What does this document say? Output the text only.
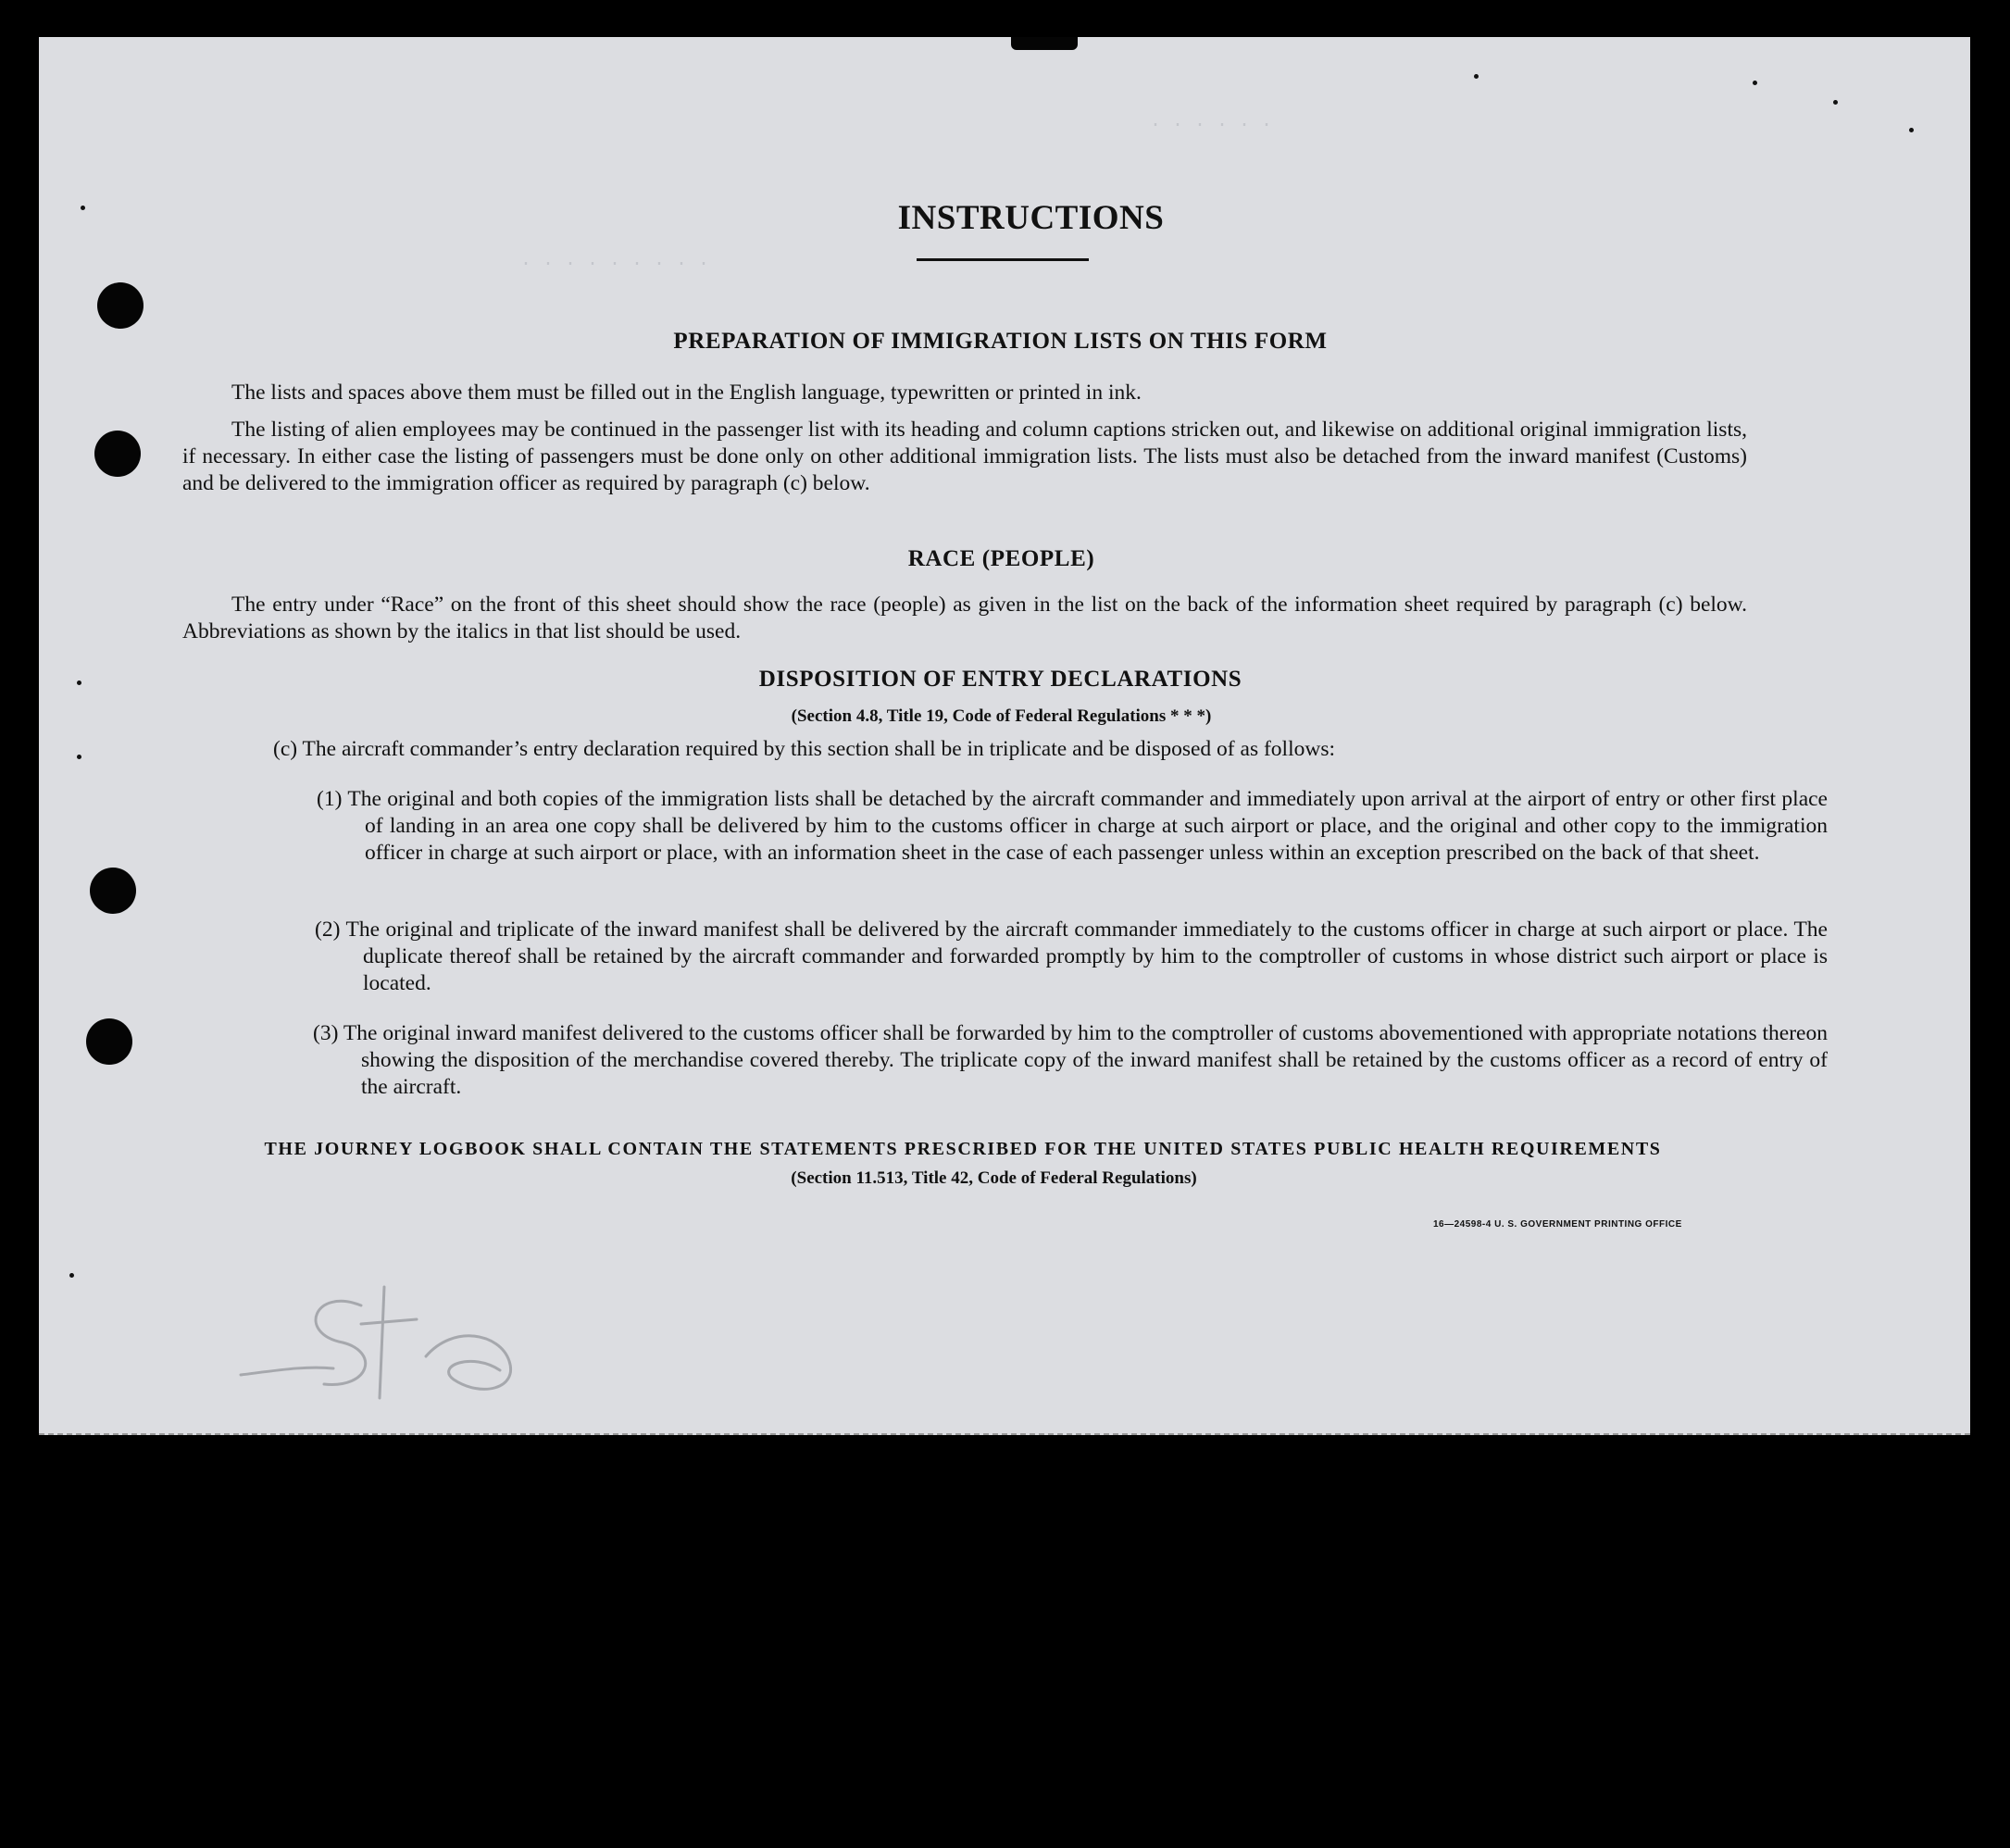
. . . . . .
. . . . . . . . .
INSTRUCTIONS
PREPARATION OF IMMIGRATION LISTS ON THIS FORM

The lists and spaces above them must be filled out in the English language, typewritten or printed in ink.

The listing of alien employees may be continued in the passenger list with its heading and column captions stricken out, and likewise on additional original immigration lists, if necessary. In either case the listing of passengers must be done only on other additional immigration lists. The lists must also be detached from the inward manifest (Customs) and be delivered to the immigration officer as required by paragraph (c) below.

RACE (PEOPLE)

The entry under “Race” on the front of this sheet should show the race (people) as given in the list on the back of the information sheet required by paragraph (c) below. Abbreviations as shown by the italics in that list should be used.

DISPOSITION OF ENTRY DECLARATIONS

(Section 4.8, Title 19, Code of Federal Regulations * * *)

(c) The aircraft commander’s entry declaration required by this section shall be in triplicate and be disposed of as follows:

(1) The original and both copies of the immigration lists shall be detached by the aircraft commander and immediately upon arrival at the airport of entry or other first place of landing in an area one copy shall be delivered by him to the customs officer in charge at such airport or place, and the original and other copy to the immigration officer in charge at such airport or place, with an information sheet in the case of each passenger unless within an exception prescribed on the back of that sheet.

(2) The original and triplicate of the inward manifest shall be delivered by the aircraft commander immediately to the customs officer in charge at such airport or place. The duplicate thereof shall be retained by the aircraft commander and forwarded promptly by him to the comptroller of customs in whose district such airport or place is located.

(3) The original inward manifest delivered to the customs officer shall be forwarded by him to the comptroller of customs abovementioned with appropriate notations thereon showing the disposition of the merchandise covered thereby. The triplicate copy of the inward manifest shall be retained by the customs officer as a record of entry of the aircraft.

THE JOURNEY LOGBOOK SHALL CONTAIN THE STATEMENTS PRESCRIBED FOR THE UNITED STATES PUBLIC HEALTH REQUIREMENTS

(Section 11.513, Title 42, Code of Federal Regulations)

16—24598-4 U. S. GOVERNMENT PRINTING OFFICE
